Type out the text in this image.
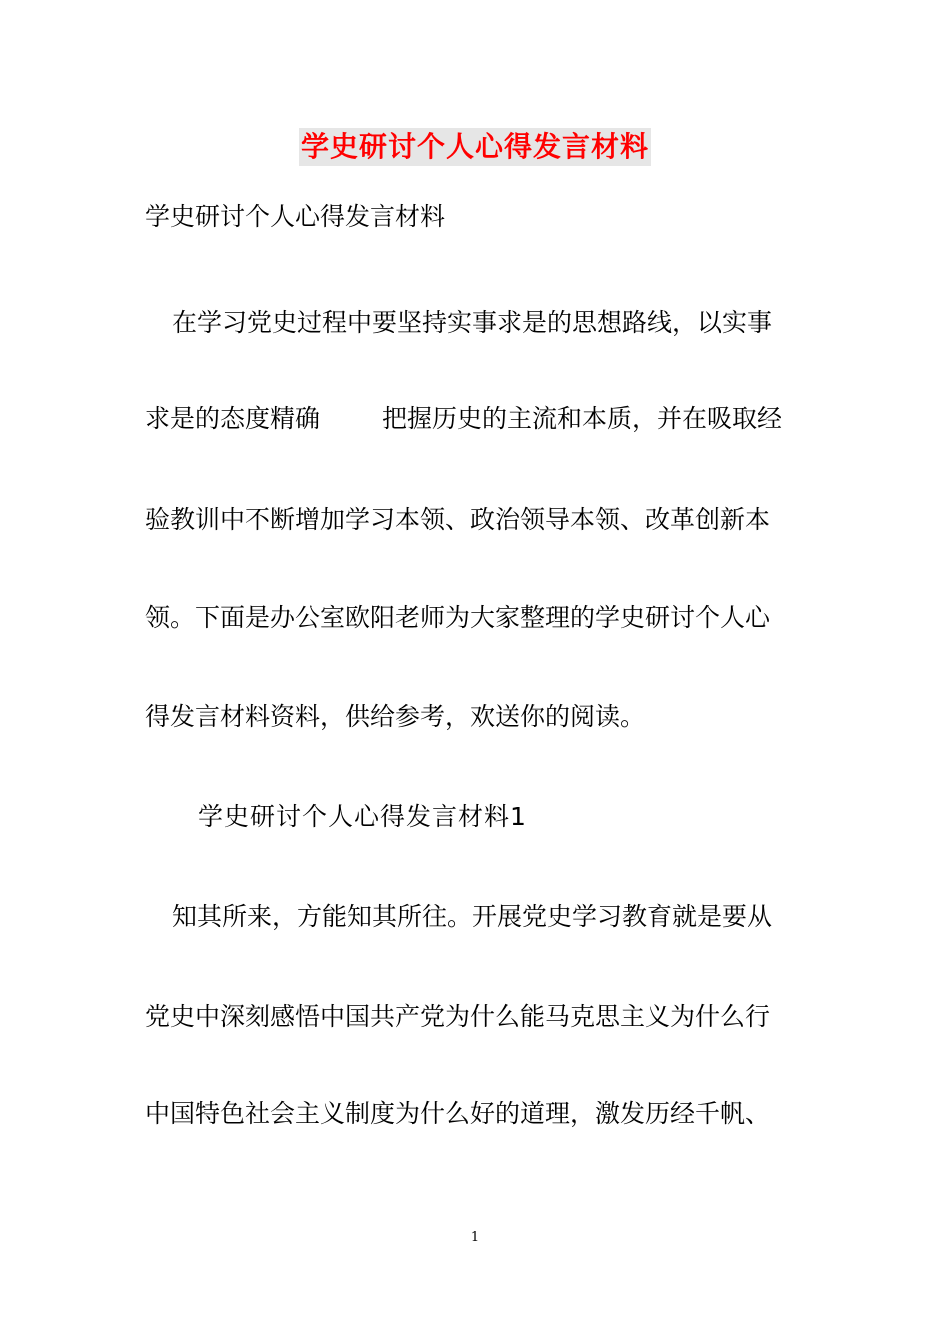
学史研讨个人心得发言材料
学史研讨个人心得发言材料
在学习党史过程中要坚持实事求是的思想路线，以实事
求是的态度精确 把握历史的主流和本质，并在吸取经
验教训中不断增加学习本领、政治领导本领、改革创新本
领。下面是办公室欧阳老师为大家整理的学史研讨个人心
得发言材料资料，供给参考，欢送你的阅读。
学史研讨个人心得发言材料1
知其所来，方能知其所往。开展党史学习教育就是要从
党史中深刻感悟中国共产党为什么能马克思主义为什么行
中国特色社会主义制度为什么好的道理，激发历经千帆、
1
